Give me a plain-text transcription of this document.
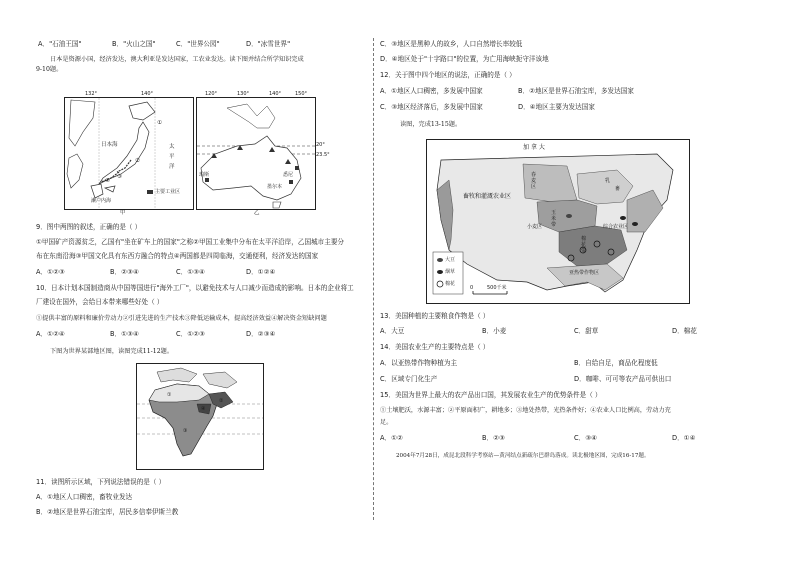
A．"石油王国"	B．"火山之国"	C．"世界公园"	D．"冰雪世界"
日本是资源小国，经济发达，澳大利亚是发达国家，工农业发达。读下图并结合所学知识完成
9-10题。
132°	140°
日本海	太
平
洋
①
②
③
④
濑户内海
主要工业区
甲
120°	130°	140°	150°
20°
23.5°
珀斯	悉尼
墨尔本
乙
9．图中两图的叙述，正确的是（ ）
①甲国矿产资源贫乏，乙国有"坐在矿车上的国家"之称②甲国工业集中分布在太平洋沿岸，乙国城市主要分
布在东南沿海③甲国文化具有东西方融合的特点④两国都是四周临海，交通便利，经济发达的国家
A．①②③	B．②③④	C．①③④	D．①②④
10．日本计划本国制造商从中国等国进行"海外工厂"，以避免技术与人口减少而造成的影响。日本的企业将工
厂建设在国外，会给日本带来哪些好处（ ）
①提供丰富的原料和廉价劳动力②引进先进的生产技术③降低运输成本，提高经济效益④解决资金短缺问题
A．①②④	B．①③④	C．①②③	D．②③④
下图为世界某部地区图，读图完成11-12题。
①
②
③
④
11．读图所示区域，下列说法错误的是（ ）
A．①地区人口稠密，畜牧业发达
B．②地区是世界石油宝库，居民多信奉伊斯兰教
C．③地区是黑种人的故乡，人口自然增长率较低
D．④地区处于"十字路口"的位置，为亡用海峡扼守洋该地
12．关于图中四个地区的说法，正确的是（ ）
A．①地区人口稠密，多发展中国家	B．②地区是世界石油宝库，多发达国家
C．③地区经济落后，多发展中国家	D．④地区主要为发达国家
读图，完成13-15题。
加 拿 大
畜牧和灌溉农业区
春
麦
区
乳
畜
玉
米
带
小麦区
棉
花
带
综合农业区
亚热带作物区
大豆
烟草
棉花
0	500千米
13．美国种植的主要粮食作物是（ ）
A．大豆	B．小麦	C．甜草	D．棉花
14．美国农业生产的主要特点是（ ）
A．以亚热带作物种植为主	B．自给自足，商品化程度低
C．区域专门化生产	D．咖啡、可可等农产品可供出口
15．美国为世界上最大的农产品出口国，其发展农业生产的优势条件是（ ）
①土壤肥沃，水源丰富；②平原面积广，耕地多；③地处热带，光热条件好；④农业人口比例高，劳动力充
足。
A．①②	B．②③	C．③④	D．①④
2004年7月28日，成昆北段科学考察站—黄河结点新疏尔巴群岛落成。读北极地区图，完成16-17题。
